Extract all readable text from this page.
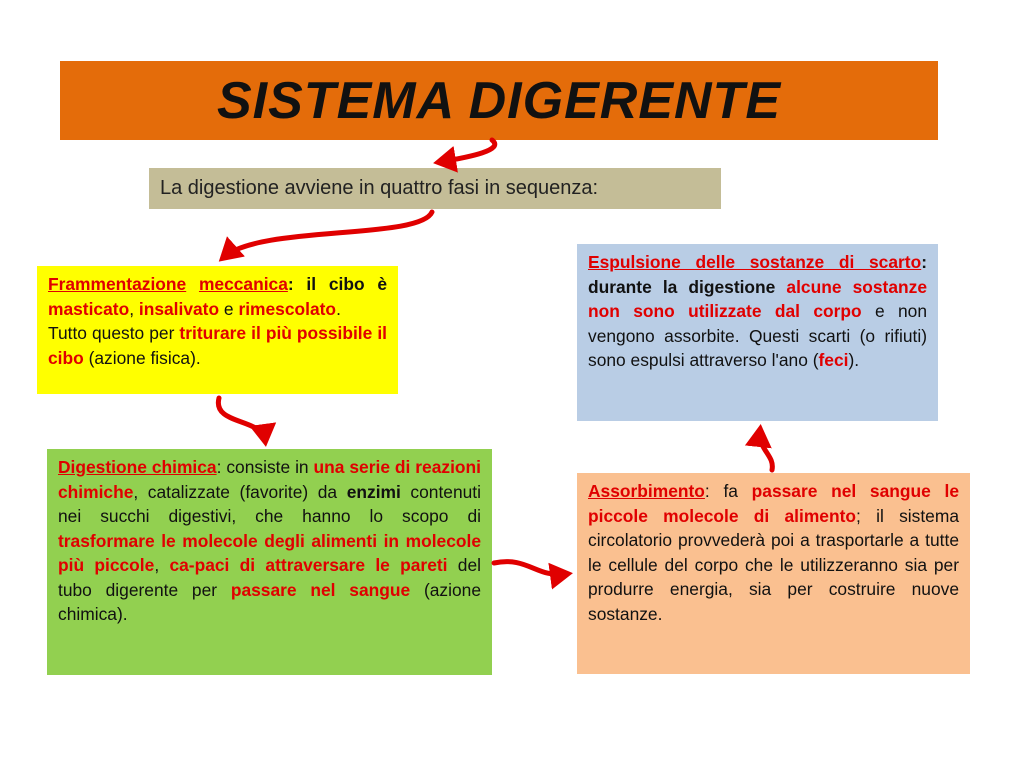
SISTEMA DIGERENTE
La digestione avviene in quattro fasi in sequenza:

Frammentazione meccanica: il cibo è masticato, insalivato e rimescolato.

Tutto questo per triturare il più possibile il cibo (azione fisica).

Digestione chimica: consiste in una serie di reazioni chimiche, catalizzate (favorite) da enzimi contenuti nei succhi digestivi, che hanno lo scopo di trasformare le molecole degli alimenti in molecole più piccole, ca-paci di attraversare le pareti del tubo digerente per passare nel sangue (azione chimica).

Assorbimento: fa passare nel sangue le piccole molecole di alimento; il sistema circolatorio provvederà poi a trasportarle a tutte le cellule del corpo che le utilizzeranno sia per produrre energia, sia per costruire nuove sostanze.

Espulsione delle sostanze di scarto: durante la digestione alcune sostanze non sono utilizzate dal corpo e non vengono assorbite. Questi scarti (o rifiuti) sono espulsi attraverso l'ano (feci).
